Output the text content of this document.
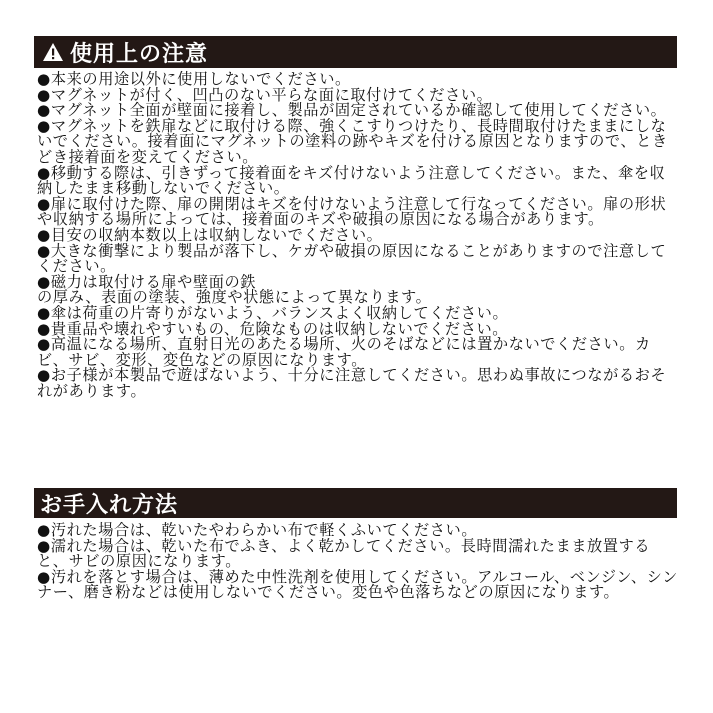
使用上の注意
●本来の用途以外に使用しないでください。
●マグネットが付く、凹凸のない平らな面に取付けてください。
●マグネット全面が壁面に接着し、製品が固定されているか確認して使用してください。
●マグネットを鉄扉などに取付ける際、強くこすりつけたり、長時間取付けたままにしないでください。接着面にマグネットの塗料の跡やキズを付ける原因となりますので、ときどき接着面を変えてください。
●移動する際は、引きずって接着面をキズ付けないよう注意してください。また、傘を収納したまま移動しないでください。
●扉に取付けた際、扉の開閉はキズを付けないよう注意して行なってください。扉の形状や収納する場所によっては、接着面のキズや破損の原因になる場合があります。
●目安の収納本数以上は収納しないでください。
●大きな衝撃により製品が落下し、ケガや破損の原因になることがありますので注意してください。
●磁力は取付ける扉や壁面の鉄
の厚み、表面の塗装、強度や状態によって異なります。
●傘は荷重の片寄りがないよう、バランスよく収納してください。
●貴重品や壊れやすいもの、危険なものは収納しないでください。
●高温になる場所、直射日光のあたる場所、火のそばなどには置かないでください。カビ、サビ、変形、変色などの原因になります。
●お子様が本製品で遊ばないよう、十分に注意してください。思わぬ事故につながるおそれがあります。
お手入れ方法
●汚れた場合は、乾いたやわらかい布で軽くふいてください。
●濡れた場合は、乾いた布でふき、よく乾かしてください。長時間濡れたまま放置すると、サビの原因になります。
●汚れを落とす場合は、薄めた中性洗剤を使用してください。アルコール、ベンジン、シンナー、磨き粉などは使用しないでください。変色や色落ちなどの原因になります。
